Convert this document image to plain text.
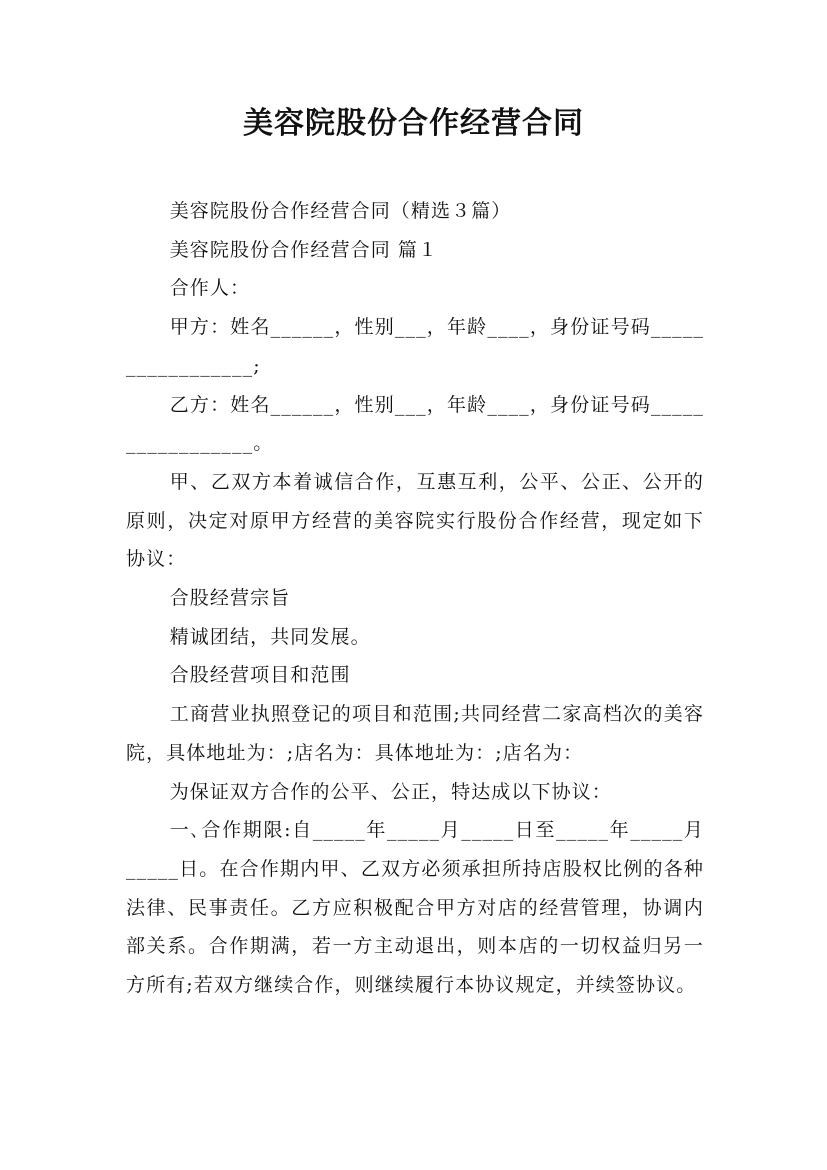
美容院股份合作经营合同

美容院股份合作经营合同（精选３篇）

美容院股份合作经营合同 篇１

合作人：

甲方：姓名______，性别___，年龄____，身份证号码_________________;

乙方：姓名______，性别___，年龄____，身份证号码_________________。

甲、乙双方本着诚信合作，互惠互利，公平、公正、公开的原则，决定对原甲方经营的美容院实行股份合作经营，现定如下协议：

合股经营宗旨

精诚团结，共同发展。

合股经营项目和范围

工商营业执照登记的项目和范围;共同经营二家高档次的美容院，具体地址为：;店名为：具体地址为：;店名为：

为保证双方合作的公平、公正，特达成以下协议：

一､合作期限:自_____年_____月_____日至_____年_____月_____日。在合作期内甲、乙双方必须承担所持店股权比例的各种法律、民事责任。乙方应积极配合甲方对店的经营管理，协调内部关系。合作期满，若一方主动退出，则本店的一切权益归另一方所有;若双方继续合作，则继续履行本协议规定，并续签协议。
